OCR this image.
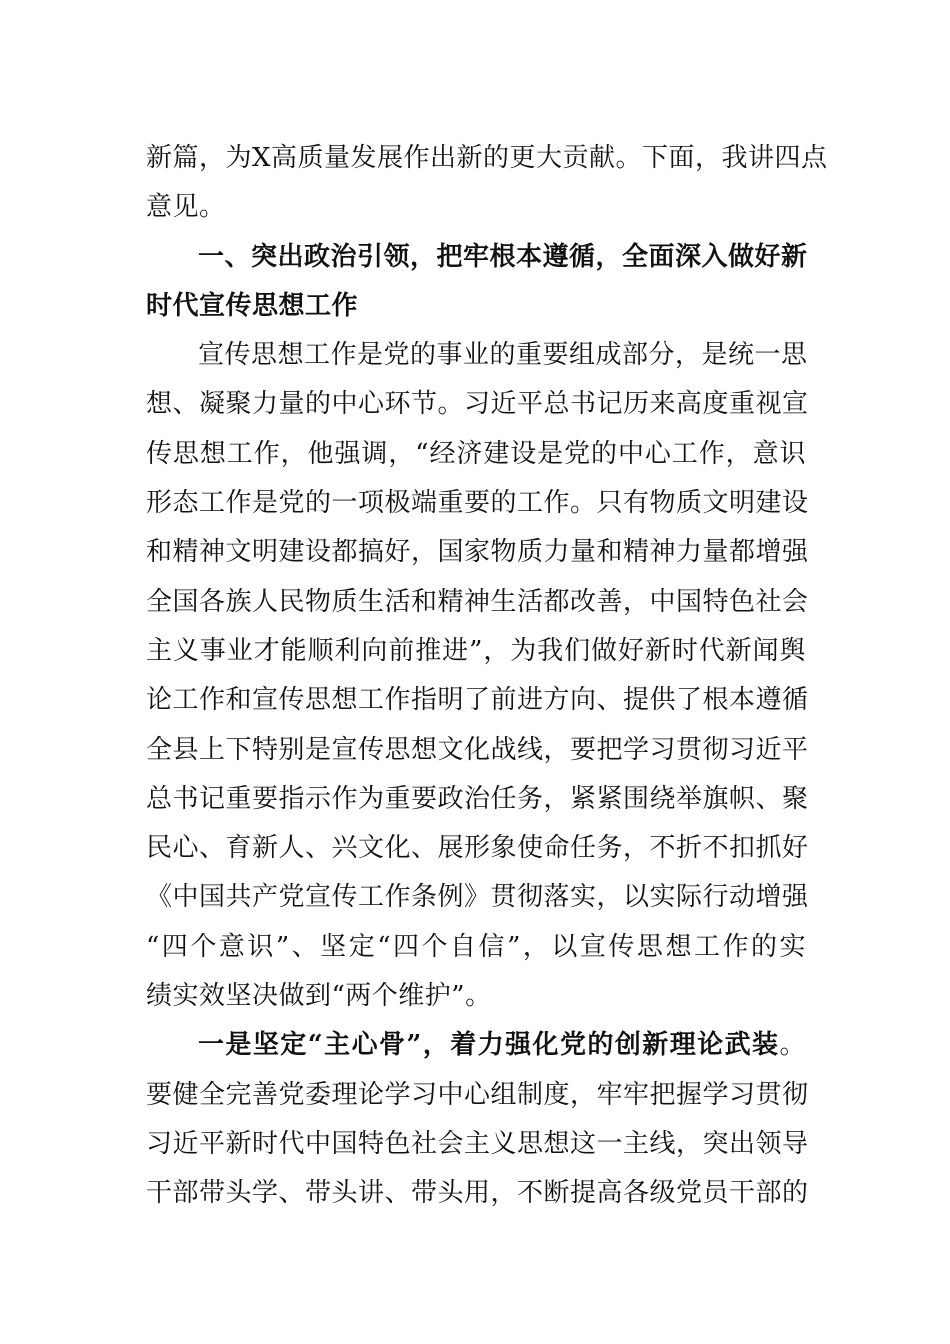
新篇，为X高质量发展作出新的更大贡献。下面，我讲四点
意见。
一、突出政治引领，把牢根本遵循，全面深入做好新
时代宣传思想工作
宣传思想工作是党的事业的重要组成部分，是统一思
想、凝聚力量的中心环节。习近平总书记历来高度重视宣
传思想工作，他强调，“经济建设是党的中心工作，意识
形态工作是党的一项极端重要的工作。只有物质文明建设
和精神文明建设都搞好，国家物质力量和精神力量都增强
全国各族人民物质生活和精神生活都改善，中国特色社会
主义事业才能顺利向前推进”，为我们做好新时代新闻舆
论工作和宣传思想工作指明了前进方向、提供了根本遵循
全县上下特别是宣传思想文化战线，要把学习贯彻习近平
总书记重要指示作为重要政治任务，紧紧围绕举旗帜、聚
民心、育新人、兴文化、展形象使命任务，不折不扣抓好
《中国共产党宣传工作条例》贯彻落实，以实际行动增强
“四个意识”、坚定“四个自信”，以宣传思想工作的实
绩实效坚决做到“两个维护”。
一是坚定“主心骨”，着力强化党的创新理论武装。
要健全完善党委理论学习中心组制度，牢牢把握学习贯彻
习近平新时代中国特色社会主义思想这一主线，突出领导
干部带头学、带头讲、带头用，不断提高各级党员干部的
